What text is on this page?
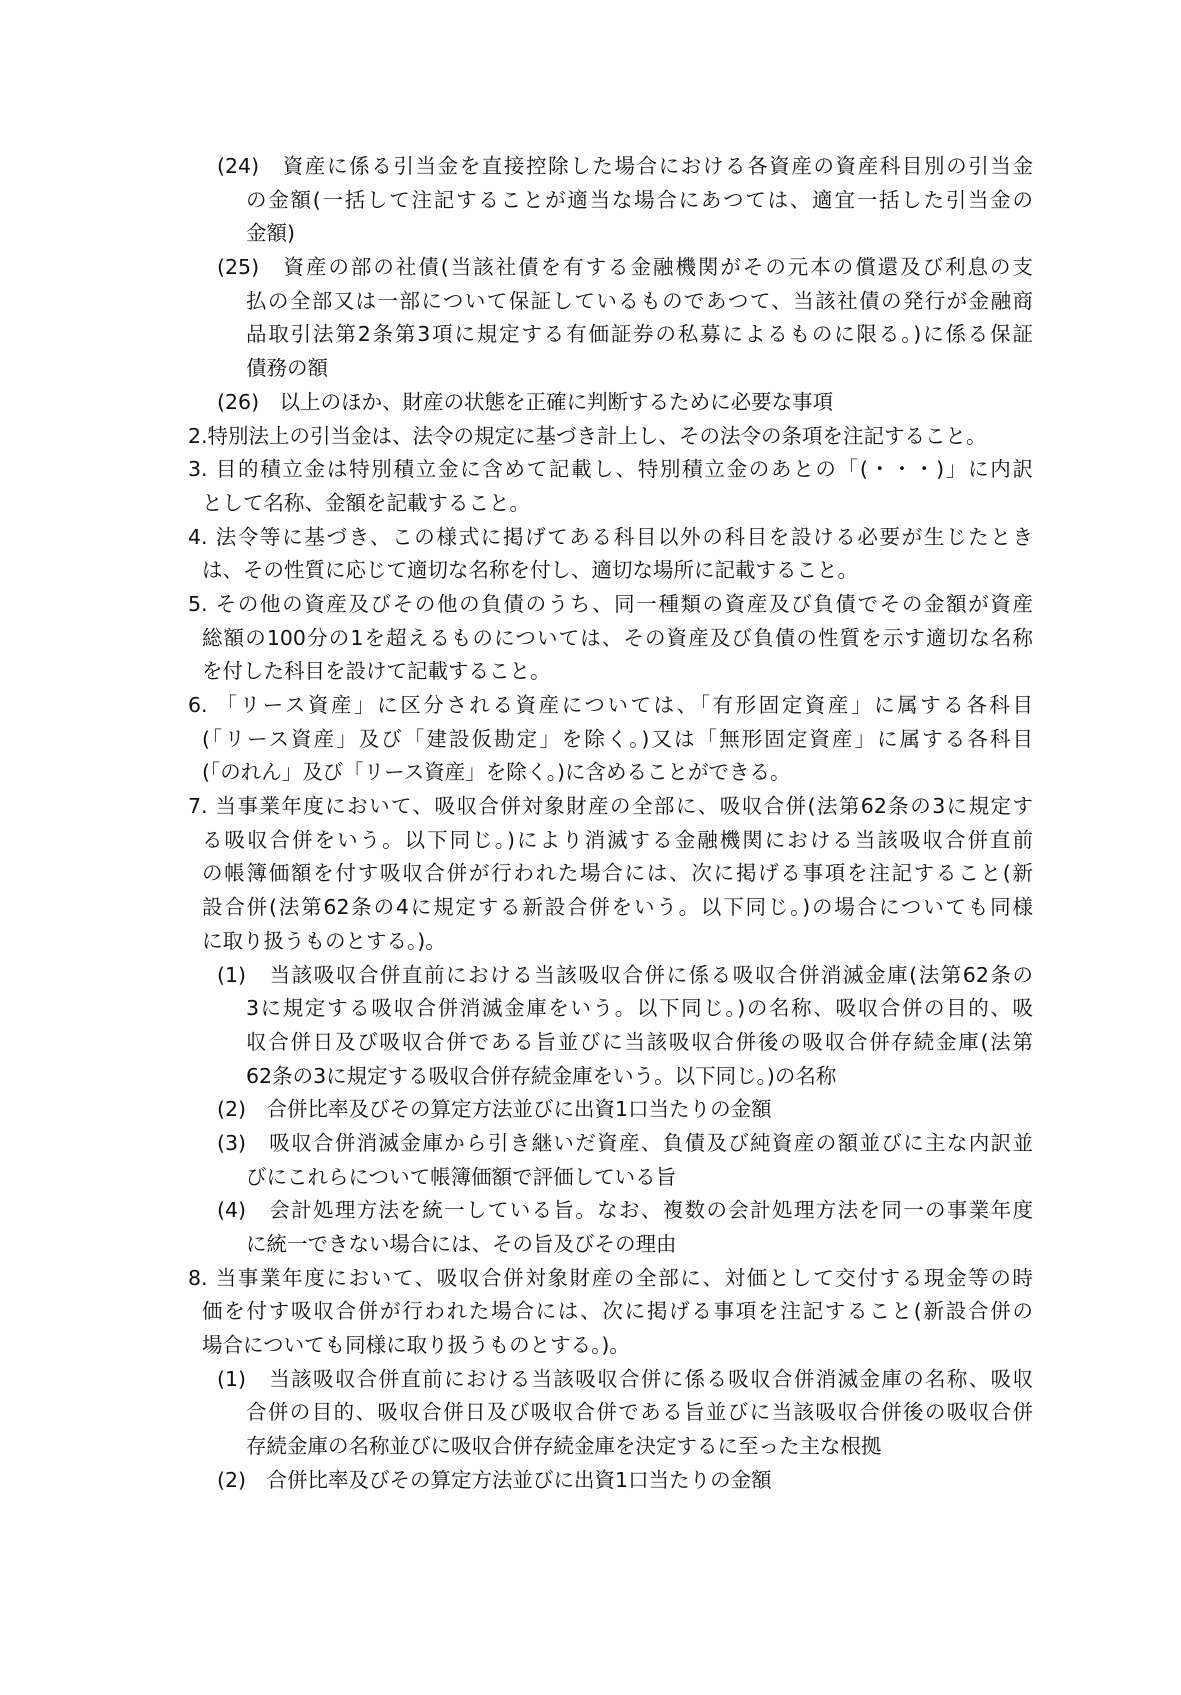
(24)　資産に係る引当金を直接控除した場合における各資産の資産科目別の引当金
の金額(一括して注記することが適当な場合にあつては、適宜一括した引当金の
金額)
(25)　資産の部の社債(当該社債を有する金融機関がその元本の償還及び利息の支
払の全部又は一部について保証しているものであつて、当該社債の発行が金融商
品取引法第2条第3項に規定する有価証券の私募によるものに限る。)に係る保証
債務の額
(26)　以上のほか、財産の状態を正確に判断するために必要な事項
2.特別法上の引当金は、法令の規定に基づき計上し、その法令の条項を注記すること。
3. 目的積立金は特別積立金に含めて記載し、特別積立金のあとの「(・・・)」に内訳
として名称、金額を記載すること。
4. 法令等に基づき、この様式に掲げてある科目以外の科目を設ける必要が生じたとき
は、その性質に応じて適切な名称を付し、適切な場所に記載すること。
5. その他の資産及びその他の負債のうち、同一種類の資産及び負債でその金額が資産
総額の100分の1を超えるものについては、その資産及び負債の性質を示す適切な名称
を付した科目を設けて記載すること。
6. 「リース資産」に区分される資産については、「有形固定資産」に属する各科目
(「リース資産」及び「建設仮勘定」を除く。)又は「無形固定資産」に属する各科目
(「のれん」及び「リース資産」を除く。)に含めることができる。
7. 当事業年度において、吸収合併対象財産の全部に、吸収合併(法第62条の3に規定す
る吸収合併をいう。以下同じ。)により消滅する金融機関における当該吸収合併直前
の帳簿価額を付す吸収合併が行われた場合には、次に掲げる事項を注記すること(新
設合併(法第62条の4に規定する新設合併をいう。以下同じ。)の場合についても同様
に取り扱うものとする。)。
(1)　当該吸収合併直前における当該吸収合併に係る吸収合併消滅金庫(法第62条の
3に規定する吸収合併消滅金庫をいう。以下同じ。)の名称、吸収合併の目的、吸
収合併日及び吸収合併である旨並びに当該吸収合併後の吸収合併存続金庫(法第
62条の3に規定する吸収合併存続金庫をいう。以下同じ。)の名称
(2)　合併比率及びその算定方法並びに出資1口当たりの金額
(3)　吸収合併消滅金庫から引き継いだ資産、負債及び純資産の額並びに主な内訳並
びにこれらについて帳簿価額で評価している旨
(4)　会計処理方法を統一している旨。なお、複数の会計処理方法を同一の事業年度
に統一できない場合には、その旨及びその理由
8. 当事業年度において、吸収合併対象財産の全部に、対価として交付する現金等の時
価を付す吸収合併が行われた場合には、次に掲げる事項を注記すること(新設合併の
場合についても同様に取り扱うものとする。)。
(1)　当該吸収合併直前における当該吸収合併に係る吸収合併消滅金庫の名称、吸収
合併の目的、吸収合併日及び吸収合併である旨並びに当該吸収合併後の吸収合併
存続金庫の名称並びに吸収合併存続金庫を決定するに至った主な根拠
(2)　合併比率及びその算定方法並びに出資1口当たりの金額
